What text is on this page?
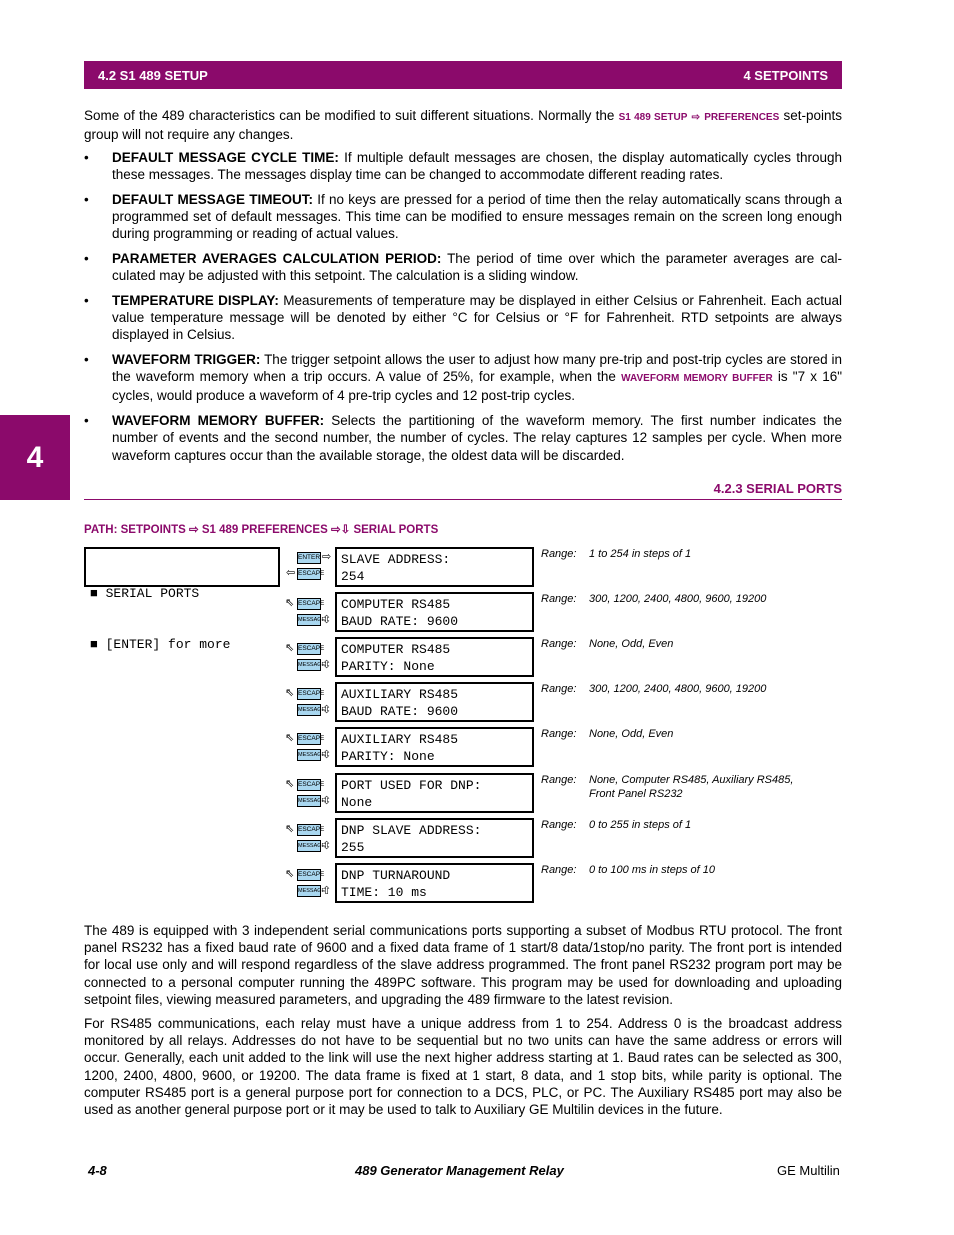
4.2 S1 489 SETUP	4 SETPOINTS
4

Some of the 489 characteristics can be modified to suit different situations. Normally the S1 489 SETUP ⇨ PREFERENCES set-points group will not require any changes.

• DEFAULT MESSAGE CYCLE TIME: If multiple default messages are chosen, the display automatically cycles through these messages. The messages display time can be changed to accommodate different reading rates.
• DEFAULT MESSAGE TIMEOUT: If no keys are pressed for a period of time then the relay automatically scans through a programmed set of default messages. This time can be modified to ensure messages remain on the screen long enough during programming or reading of actual values.
• PARAMETER AVERAGES CALCULATION PERIOD: The period of time over which the parameter averages are cal-culated may be adjusted with this setpoint. The calculation is a sliding window.
• TEMPERATURE DISPLAY: Measurements of temperature may be displayed in either Celsius or Fahrenheit. Each actual value temperature message will be denoted by either °C for Celsius or °F for Fahrenheit. RTD setpoints are always displayed in Celsius.
• WAVEFORM TRIGGER: The trigger setpoint allows the user to adjust how many pre-trip and post-trip cycles are stored in the waveform memory when a trip occurs. A value of 25%, for example, when the WAVEFORM MEMORY BUFFER is "7 x 16" cycles, would produce a waveform of 4 pre-trip cycles and 12 post-trip cycles.
• WAVEFORM MEMORY BUFFER: Selects the partitioning of the waveform memory. The first number indicates the number of events and the second number, the number of cycles. The relay captures 12 samples per cycle. When more waveform captures occur than the available storage, the oldest data will be discarded.
4.2.3 SERIAL PORTS
PATH: SETPOINTS ⇨ S1 489 PREFERENCES ⇨⇩ SERIAL PORTS

■ SERIAL PORTS

■ [ENTER] for more

ENTER ⇨
⇦ ESCAPE
SLAVE ADDRESS:
254
Range: 1 to 254 in steps of 1
COMPUTER RS485
BAUD RATE: 9600
Range: 300, 1200, 2400, 4800, 9600, 19200
⇖ ESCAPE
MESSAGE
⇳
COMPUTER RS485
PARITY: None
Range: None, Odd, Even
⇖ ESCAPE
MESSAGE
⇳
AUXILIARY RS485
BAUD RATE: 9600
Range: 300, 1200, 2400, 4800, 9600, 19200
⇖ ESCAPE
MESSAGE
⇳
AUXILIARY RS485
PARITY: None
Range: None, Odd, Even
⇖ ESCAPE
MESSAGE
⇳
PORT USED FOR DNP:
None
Range: None, Computer RS485, Auxiliary RS485,
Front Panel RS232
⇖ ESCAPE
MESSAGE
⇳
DNP SLAVE ADDRESS:
255
Range: 0 to 255 in steps of 1
⇖ ESCAPE
MESSAGE
⇳
DNP TURNAROUND
TIME: 10 ms
Range: 0 to 100 ms in steps of 10
⇖ ESCAPE
MESSAGE
⇧

The 489 is equipped with 3 independent serial communications ports supporting a subset of Modbus RTU protocol. The front panel RS232 has a fixed baud rate of 9600 and a fixed data frame of 1 start/8 data/1stop/no parity. The front port is intended for local use only and will respond regardless of the slave address programmed. The front panel RS232 program port may be connected to a personal computer running the 489PC software. This program may be used for downloading and uploading setpoint files, viewing measured parameters, and upgrading the 489 firmware to the latest revision.

For RS485 communications, each relay must have a unique address from 1 to 254. Address 0 is the broadcast address monitored by all relays. Addresses do not have to be sequential but no two units can have the same address or errors will occur. Generally, each unit added to the link will use the next higher address starting at 1. Baud rates can be selected as 300, 1200, 2400, 4800, 9600, or 19200. The data frame is fixed at 1 start, 8 data, and 1 stop bits, while parity is optional. The computer RS485 port is a general purpose port for connection to a DCS, PLC, or PC. The Auxiliary RS485 port may also be used as another general purpose port or it may be used to talk to Auxiliary GE Multilin devices in the future.

4-8	489 Generator Management Relay	GE Multilin
